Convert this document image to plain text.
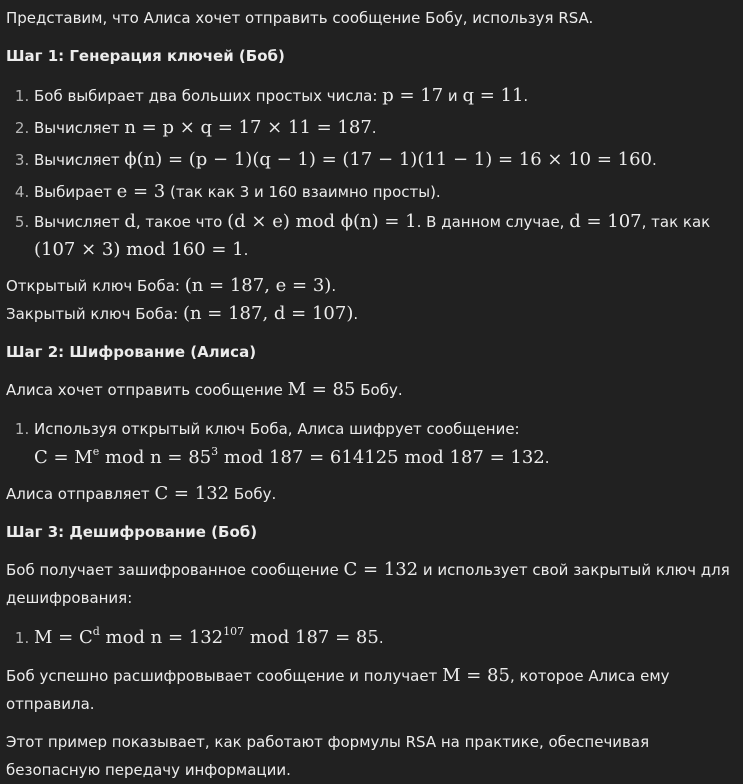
Представим, что Алиса хочет отправить сообщение Бобу, используя RSA.

Шаг 1: Генерация ключей (Боб)

1. Боб выбирает два больших простых числа: p = 17 и q = 11.
2. Вычисляет n = p × q = 17 × 11 = 187.
3. Вычисляет ϕ(n) = (p − 1)(q − 1) = (17 − 1)(11 − 1) = 16 × 10 = 160.
4. Выбирает e = 3 (так как 3 и 160 взаимно просты).
5. Вычисляет d, такое что (d × e) mod ϕ(n) = 1. В данном случае, d = 107, так как (107 × 3) mod 160 = 1.

Открытый ключ Боба: (n = 187, e = 3).

Закрытый ключ Боба: (n = 187, d = 107).

Шаг 2: Шифрование (Алиса)

Алиса хочет отправить сообщение M = 85 Бобу.

1. Используя открытый ключ Боба, Алиса шифрует сообщение:
$C = M^e$ mod $n = 85^3$ mod 187 = 614125 mod 187 = 132.

Алиса отправляет C = 132 Бобу.

Шаг 3: Дешифрование (Боб)

Боб получает зашифрованное сообщение C = 132 и использует свой закрытый ключ для дешифрования:

1. $M = C^d$ mod $n = 132^{107}$ mod 187 = 85.

Боб успешно расшифровывает сообщение и получает M = 85, которое Алиса ему отправила.

Этот пример показывает, как работают формулы RSA на практике, обеспечивая безопасную передачу информации.
